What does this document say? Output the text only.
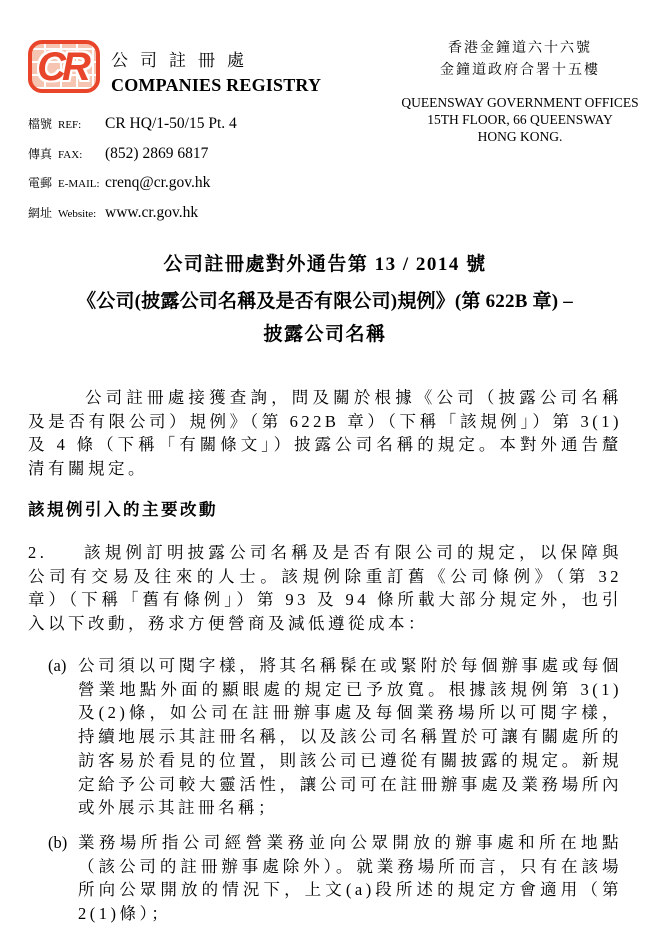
CR 公司註冊處
COMPANIES REGISTRY
香港金鐘道六十六號
金鐘道政府合署十五樓
QUEENSWAY GOVERNMENT OFFICES
15TH FLOOR, 66 QUEENSWAY
HONG KONG.
檔號 REF:	CR HQ/1-50/15 Pt. 4
傳真 FAX:	(852) 2869 6817
電郵 E-MAIL: crenq@cr.gov.hk
網址 Website: www.cr.gov.hk
公司註冊處對外通告第 13 / 2014 號
《公司(披露公司名稱及是否有限公司)規例》(第 622B 章) –
披露公司名稱

公司註冊處接獲查詢，問及關於根據《公司（披露公司名稱及是否有限公司）規例》（第 622B 章）（下稱「該規例」）第 3(1)及 4 條（下稱「有關條文」）披露公司名稱的規定。本對外通告釐清有關規定。

該規例引入的主要改動

2. 該規例訂明披露公司名稱及是否有限公司的規定，以保障與公司有交易及往來的人士。該規例除重訂舊《公司條例》（第 32 章）（下稱「舊有條例」）第 93 及 94 條所載大部分規定外，也引入以下改動，務求方便營商及減低遵從成本：

(a) 公司須以可閱字樣，將其名稱髹在或緊附於每個辦事處或每個營業地點外面的顯眼處的規定已予放寬。根據該規例第 3(1)及(2)條，如公司在註冊辦事處及每個業務場所以可閱字樣，持續地展示其註冊名稱，以及該公司名稱置於可讓有關處所的訪客易於看見的位置，則該公司已遵從有關披露的規定。新規定給予公司較大靈活性，讓公司可在註冊辦事處及業務場所內或外展示其註冊名稱；
(b) 業務場所指公司經營業務並向公眾開放的辦事處和所在地點（該公司的註冊辦事處除外）。就業務場所而言，只有在該場所向公眾開放的情況下，上文(a)段所述的規定方會適用（第 2(1)條）；
